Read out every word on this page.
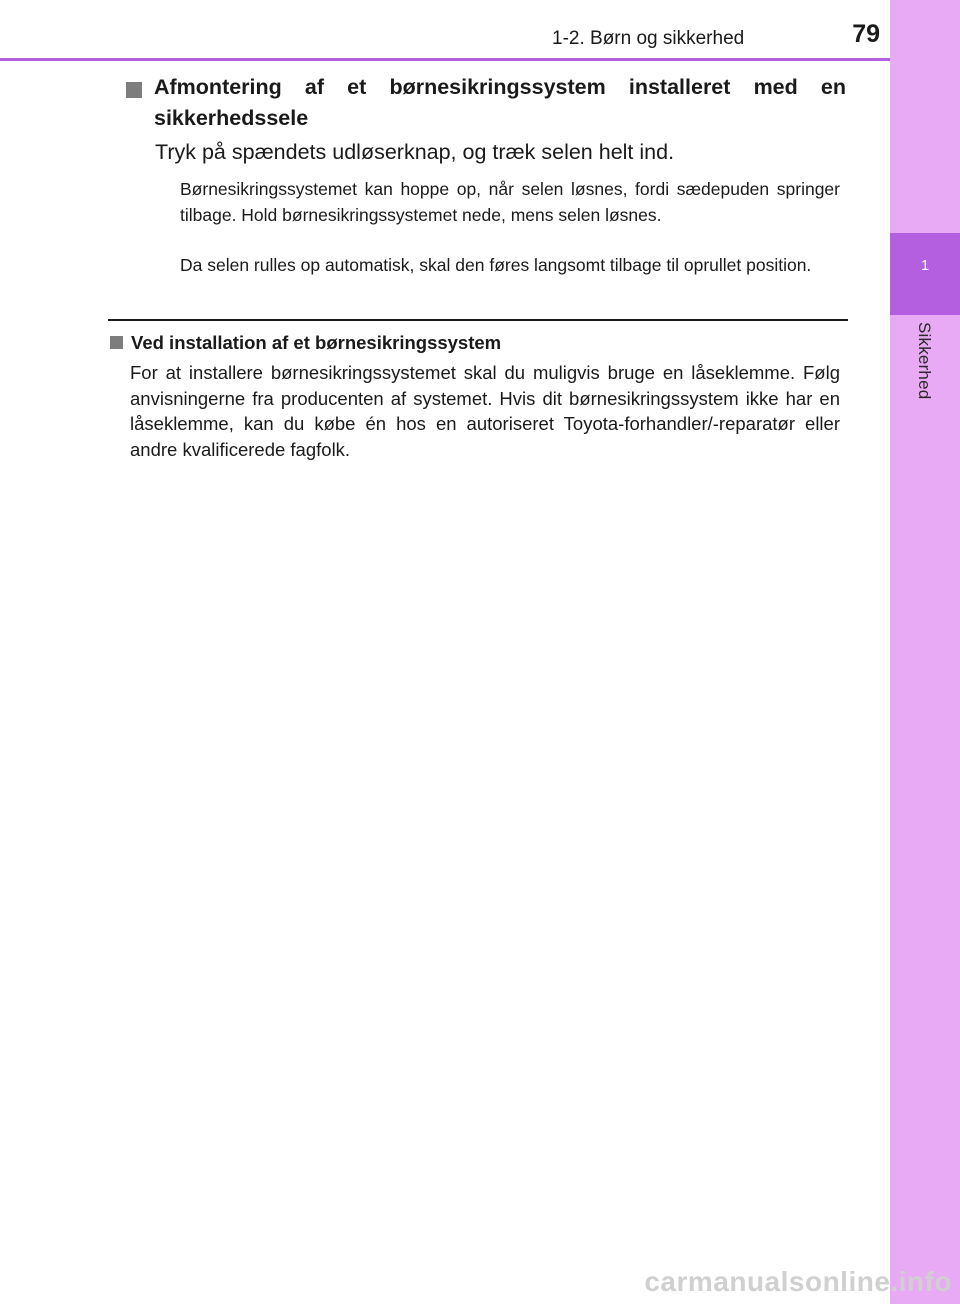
1
Sikkerhed
1-2. Børn og sikkerhed	79
Afmontering af et børnesikringssystem installeret med en sikkerhedssele
Tryk på spændets udløserknap, og træk selen helt ind.
Børnesikringssystemet kan hoppe op, når selen løsnes, fordi sædepuden springer tilbage. Hold børnesikringssystemet nede, mens selen løsnes.
Da selen rulles op automatisk, skal den føres langsomt tilbage til oprullet position.
Ved installation af et børnesikringssystem
For at installere børnesikringssystemet skal du muligvis bruge en låseklemme. Følg anvisningerne fra producenten af systemet. Hvis dit børnesikringssystem ikke har en låseklemme, kan du købe én hos en autoriseret Toyota-forhandler/-reparatør eller andre kvalificerede fagfolk.
carmanualsonline.info
